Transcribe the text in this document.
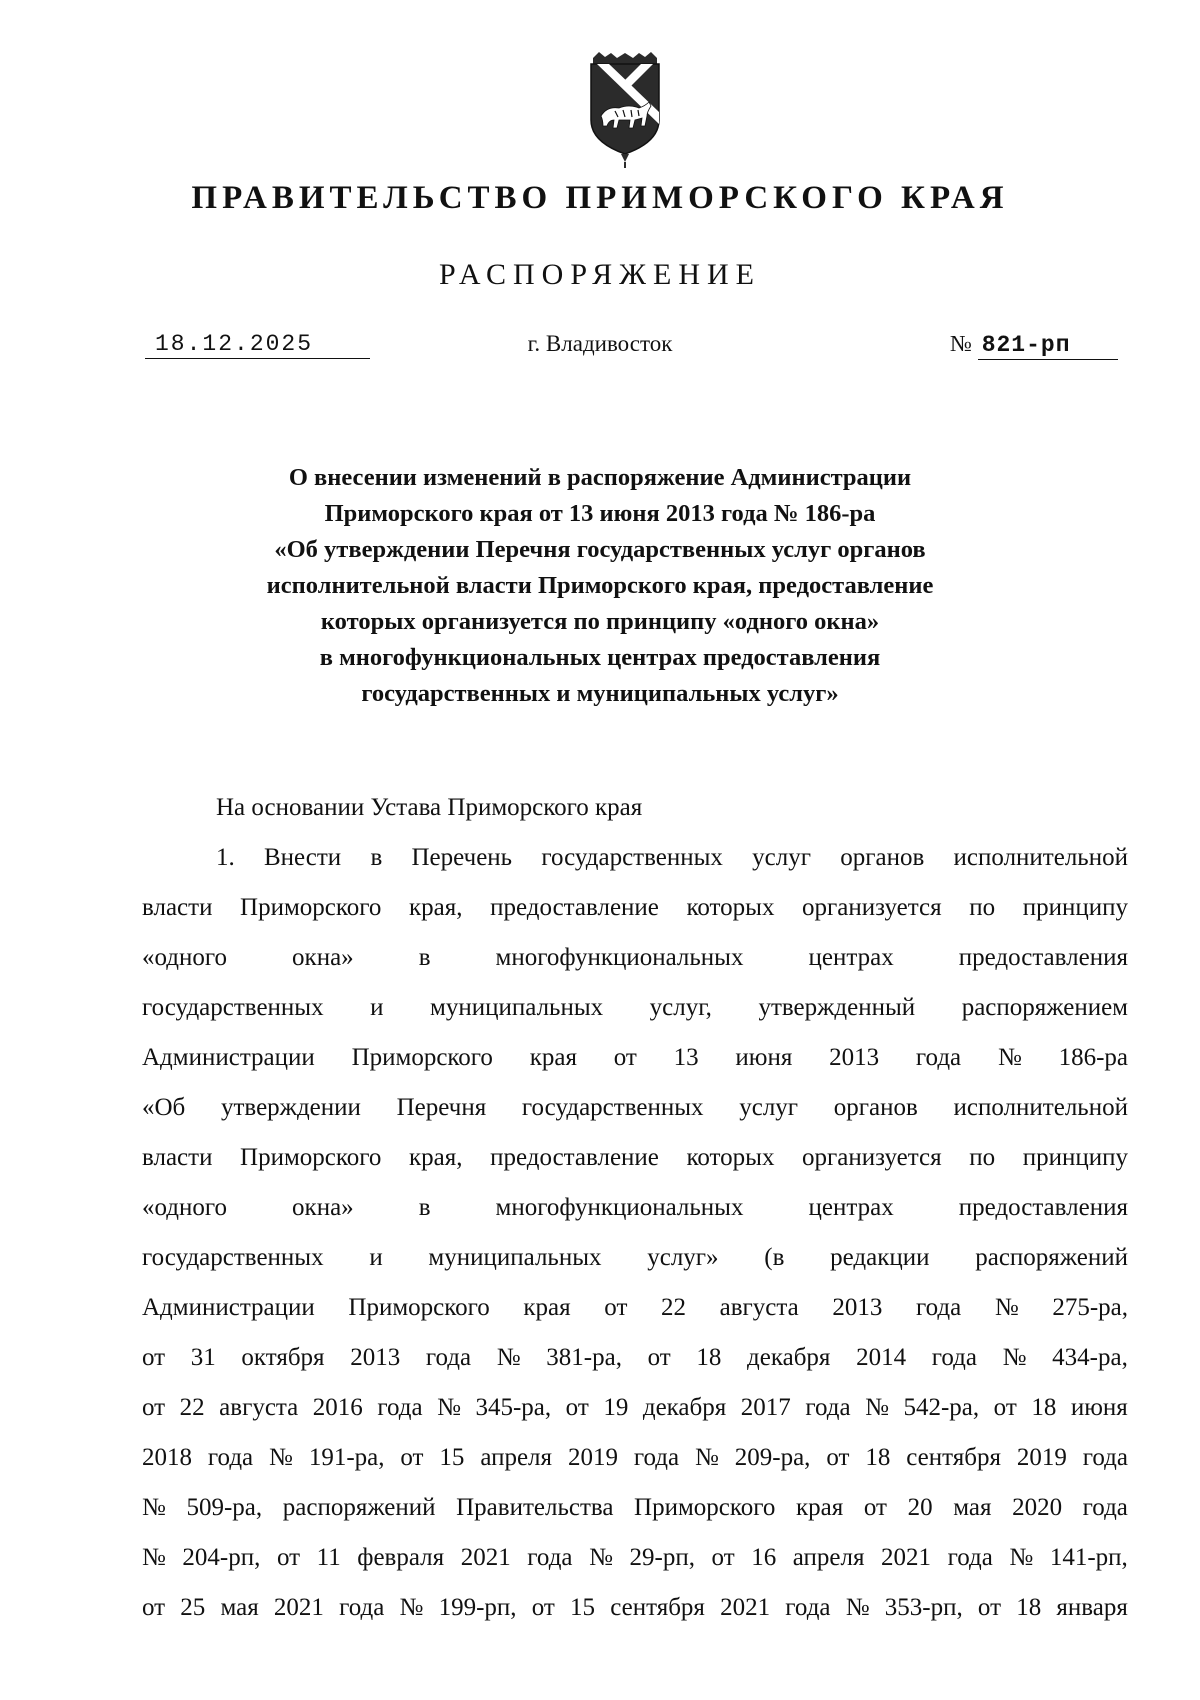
ПРАВИТЕЛЬСТВО ПРИМОРСКОГО КРАЯ
РАСПОРЯЖЕНИЕ
18.12.2025	г. Владивосток	№ 821-рп
О внесении изменений в распоряжение Администрации
Приморского края от 13 июня 2013 года № 186-ра
«Об утверждении Перечня государственных услуг органов
исполнительной власти Приморского края, предоставление
которых организуется по принципу «одного окна»
в многофункциональных центрах предоставления
государственных и муниципальных услуг»
На основании Устава Приморского края
1. Внести в Перечень государственных услуг органов исполнительной
власти Приморского края, предоставление которых организуется по принципу
«одного	окна»	в	многофункциональных	центрах	предоставления
государственных и муниципальных услуг, утвержденный распоряжением
Администрации Приморского края от 13 июня 2013 года № 186-ра
«Об утверждении Перечня государственных услуг органов исполнительной
власти Приморского края, предоставление которых организуется по принципу
«одного	окна»	в	многофункциональных	центрах	предоставления
государственных и муниципальных услуг» (в редакции распоряжений
Администрации Приморского края от 22 августа 2013 года № 275-ра,
от 31 октября 2013 года № 381-ра, от 18 декабря 2014 года № 434-ра,
от 22 августа 2016 года № 345-ра, от 19 декабря 2017 года № 542-ра, от 18 июня
2018 года № 191-ра, от 15 апреля 2019 года № 209-ра, от 18 сентября 2019 года
№ 509-ра, распоряжений Правительства Приморского края от 20 мая 2020 года
№ 204-рп, от 11 февраля 2021 года № 29-рп, от 16 апреля 2021 года № 141-рп,
от 25 мая 2021 года № 199-рп, от 15 сентября 2021 года № 353-рп, от 18 января
